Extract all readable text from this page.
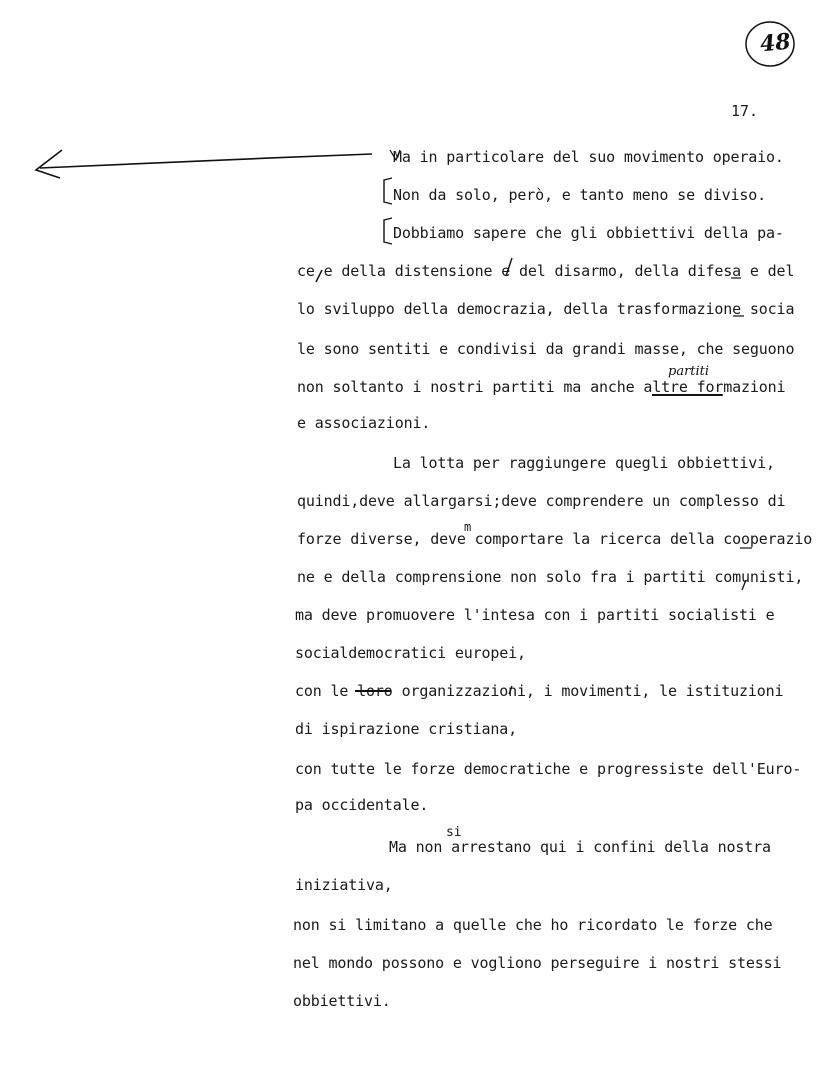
48
17.
Ma in particolare del suo movimento operaio.
Non da solo, però, e tanto meno se diviso.
Dobbiamo sapere che gli obbiettivi della pa-
ce e della distensione e del disarmo, della difesa e del
lo sviluppo della democrazia, della trasformazione socia
le sono sentiti e condivisi da grandi masse, che seguono
non soltanto i nostri partiti ma anche altre formazioni
e associazioni.
La lotta per raggiungere quegli obbiettivi,
quindi,deve allargarsi;deve comprendere un complesso di
forze diverse, deve comportare la ricerca della cooperazio
ne e della comprensione non solo fra i partiti comunisti,
ma deve promuovere l'intesa con i partiti socialisti e
socialdemocratici europei,
con le loro organizzazioni, i movimenti, le istituzioni
di ispirazione cristiana,
con tutte le forze democratiche e progressiste dell'Euro-
pa occidentale.
Ma non arrestano qui i confini della nostra
iniziativa,
non si limitano a quelle che ho ricordato le forze che
nel mondo possono e vogliono perseguire i nostri stessi
obbiettivi.
partiti
si
m
